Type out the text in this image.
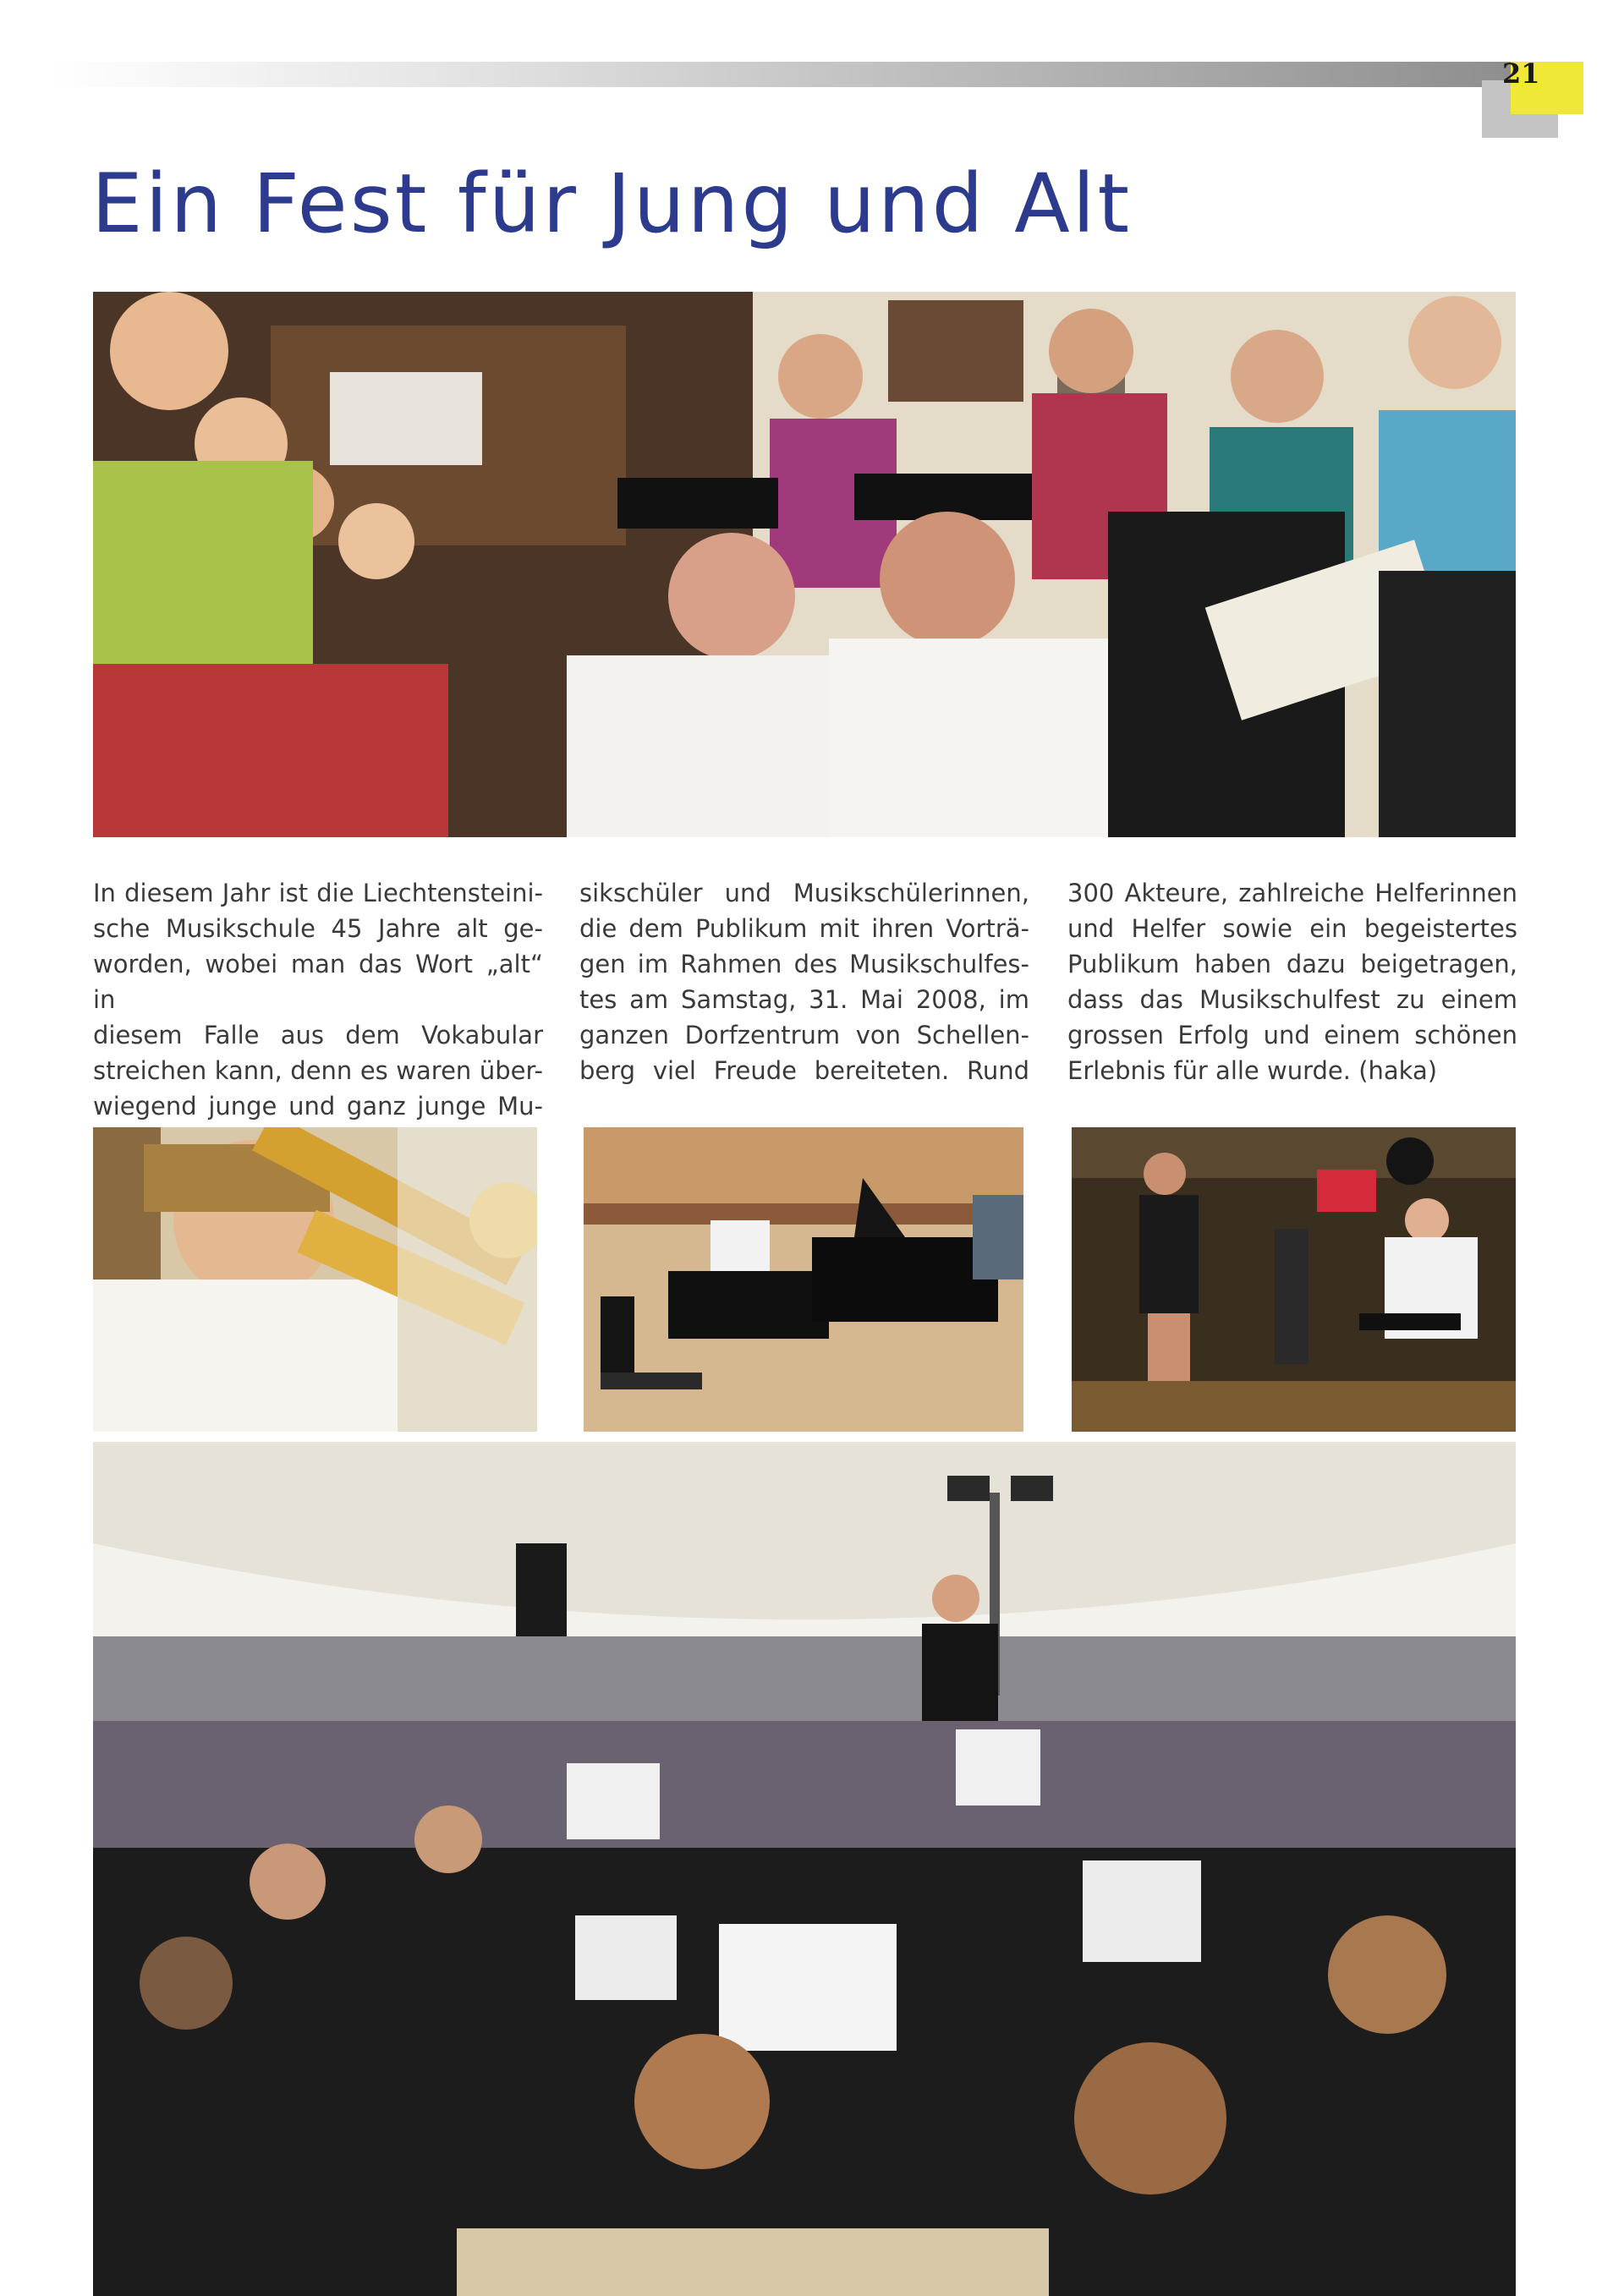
21
Ein Fest für Jung und Alt
In diesem Jahr ist die Liechtensteini-
sche Musikschule 45 Jahre alt ge-
worden, wobei man das Wort „alt“ in
diesem Falle aus dem Vokabular
streichen kann, denn es waren über-
wiegend junge und ganz junge Mu-
sikschüler und Musikschülerinnen,
die dem Publikum mit ihren Vorträ-
gen im Rahmen des Musikschulfes-
tes am Samstag, 31. Mai 2008, im
ganzen Dorfzentrum von Schellen-
berg viel Freude bereiteten. Rund
300 Akteure, zahlreiche Helferinnen
und Helfer sowie ein begeistertes
Publikum haben dazu beigetragen,
dass das Musikschulfest zu einem
grossen Erfolg und einem schönen
Erlebnis für alle wurde. (haka)
